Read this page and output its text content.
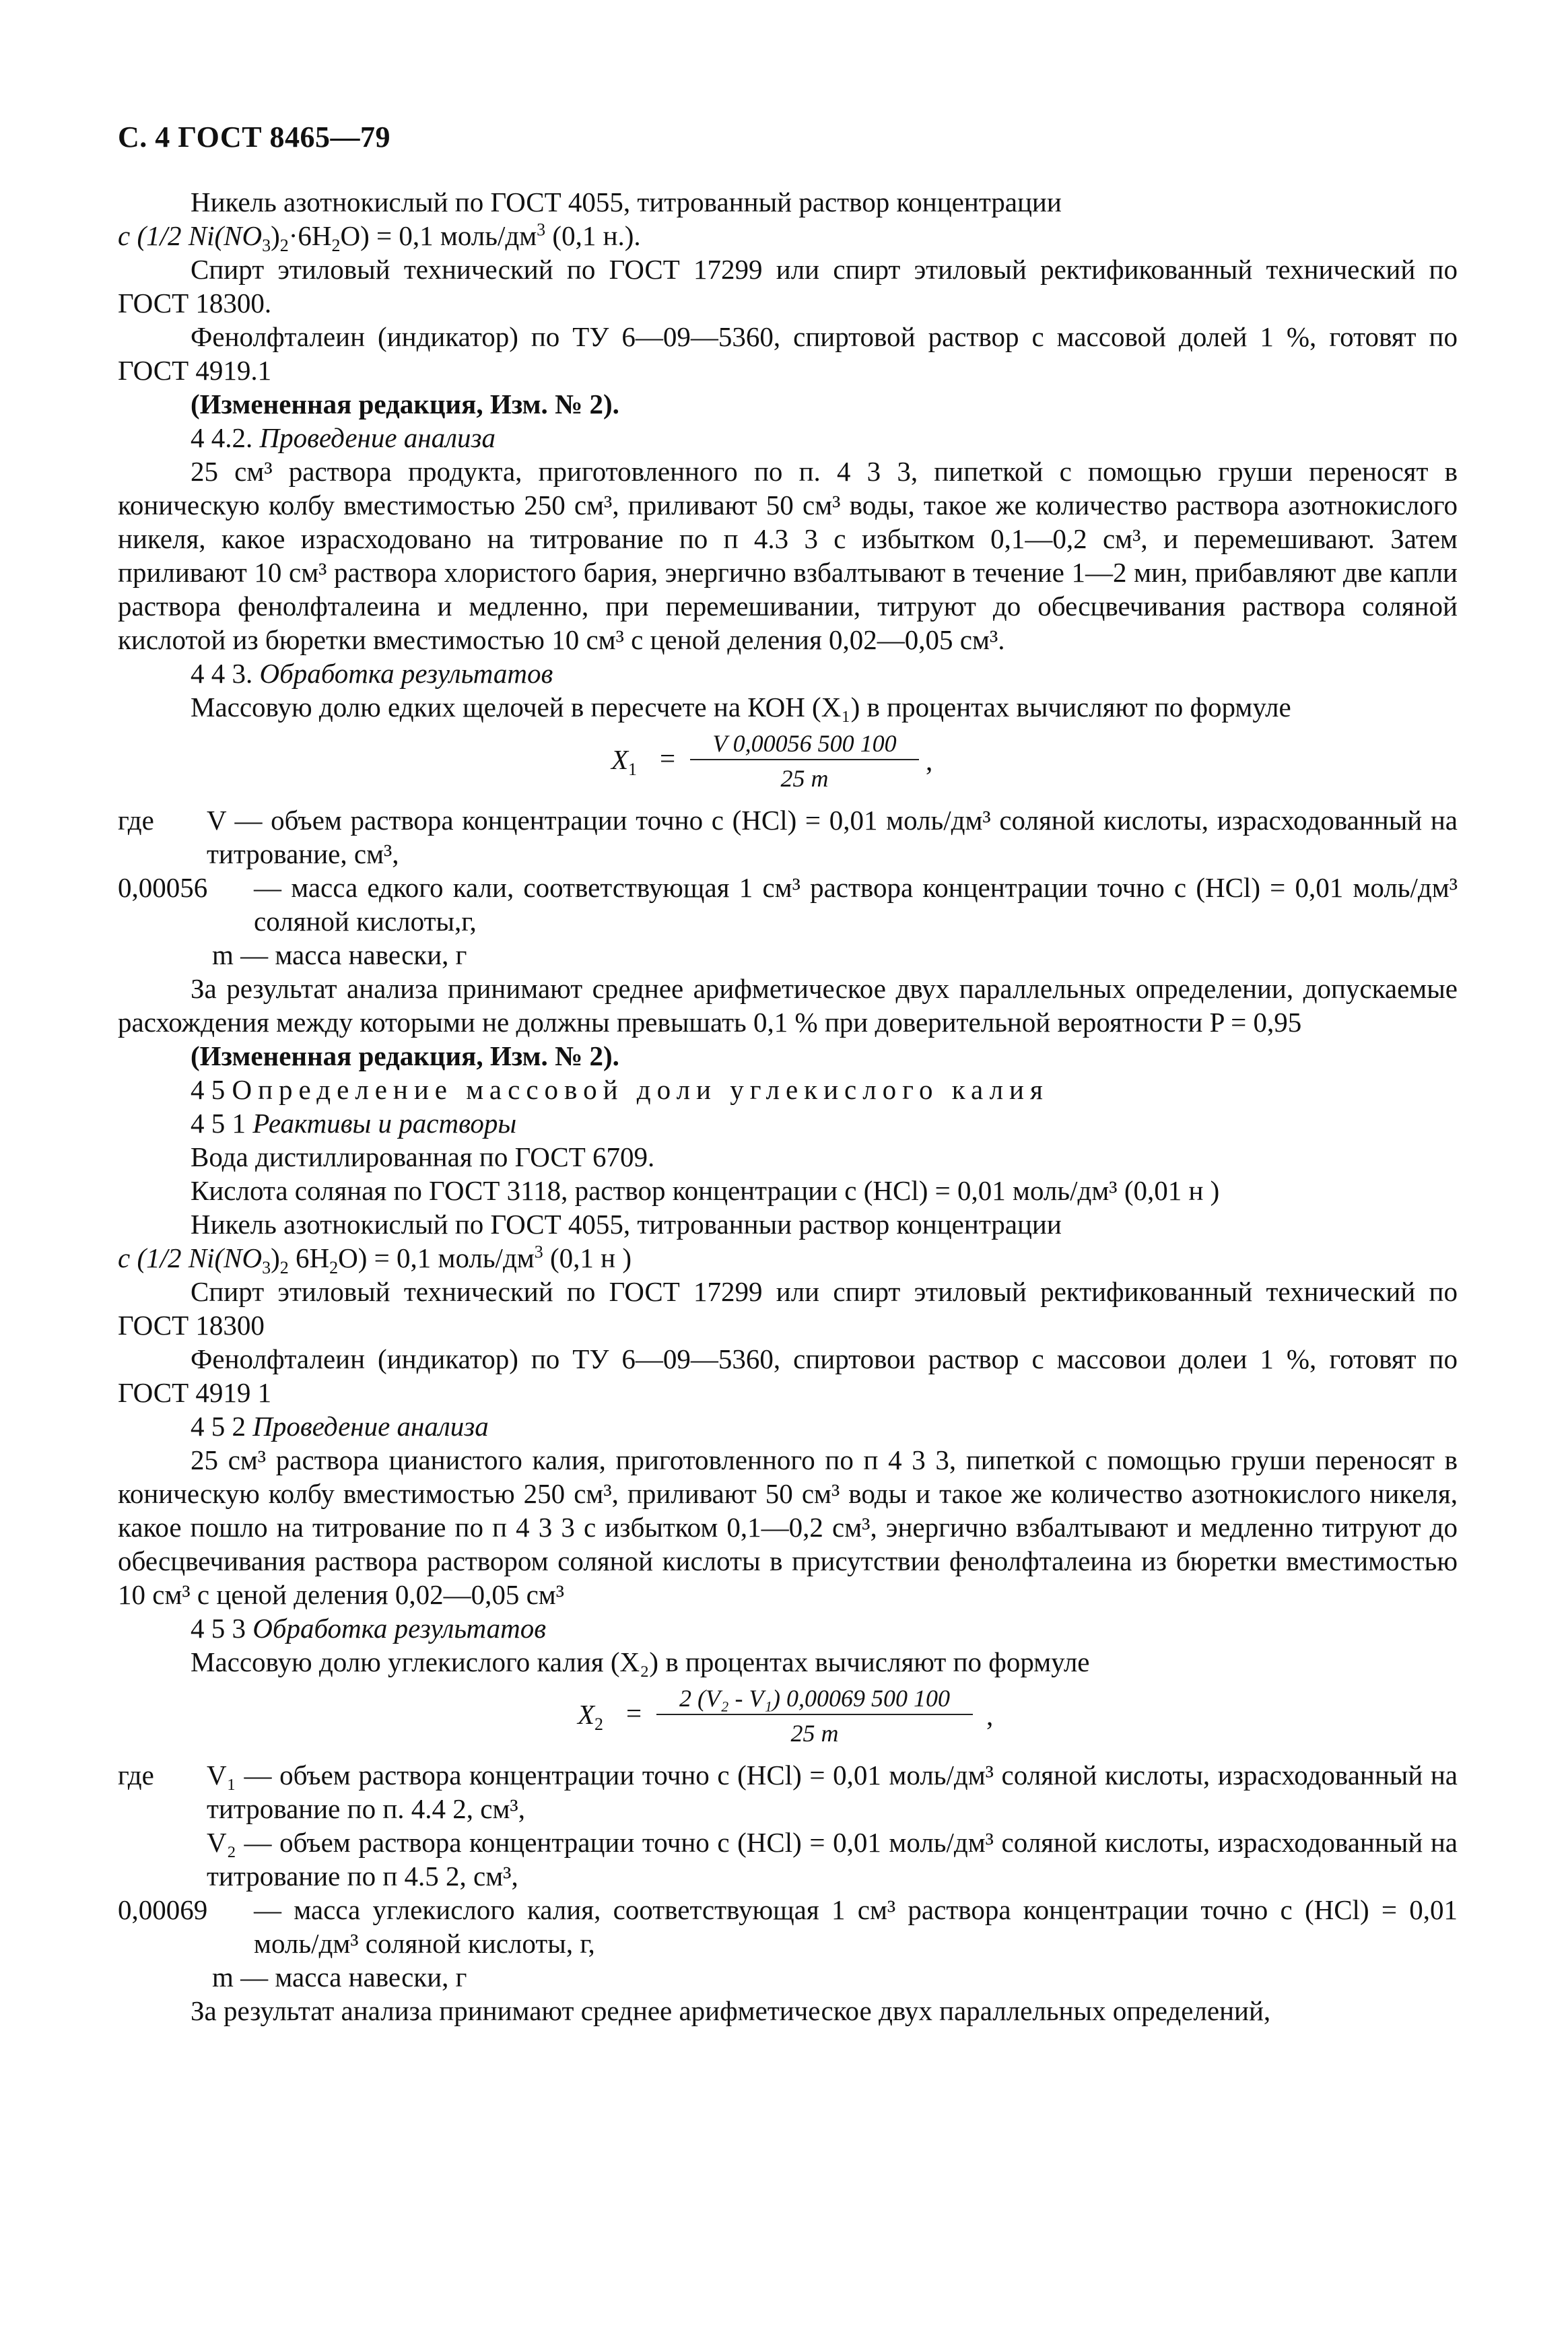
С. 4 ГОСТ 8465—79

Никель азотнокислый по ГОСТ 4055, титрованный раствор концентрации
c (1/2 $Ni(NO_3)_2\cdot 6H_2O) = 0,1$ моль/$дм^3$ (0,1 н.).

Спирт этиловый технический по ГОСТ 17299 или спирт этиловый ректификованный технический по ГОСТ 18300.

Фенолфталеин (индикатор) по ТУ 6—09—5360, спиртовой раствор с массовой долей 1 %, готовят по ГОСТ 4919.1

(Измененная редакция, Изм. № 2).

4 4.2. Проведение анализа

25 см³ раствора продукта, приготовленного по п. 4 3 3, пипеткой с помощью груши переносят в коническую колбу вместимостью 250 см³, приливают 50 см³ воды, такое же количество раствора азотнокислого никеля, какое израсходовано на титрование по п 4.3 3 с избытком 0,1—0,2 см³, и перемешивают. Затем приливают 10 см³ раствора хлористого бария, энергично взбалтывают в течение 1—2 мин, прибавляют две капли раствора фенолфталеина и медленно, при перемешивании, титруют до обесцвечивания раствора соляной кислотой из бюретки вместимостью 10 см³ с ценой деления 0,02—0,05 см³.

4 4 3. Обработка результатов

Массовую долю едких щелочей в пересчете на КОН (X₁) в процентах вычисляют по формуле

$X_1$ =	V 0,00056 500 100
25 m
,
где V — объем раствора концентрации точно c (HCl) = 0,01 моль/дм³ соляной кислоты, израсходованный на титрование, см³,

0,00056 — масса едкого кали, соответствующая 1 см³ раствора концентрации точно c (HCl) = 0,01 моль/дм³ соляной кислоты,г,

m — масса навески, г

За результат анализа принимают среднее арифметическое двух параллельных определении, допускаемые расхождения между которыми не должны превышать 0,1 % при доверительной вероятности P = 0,95

(Измененная редакция, Изм. № 2).

4 5 Определение массовой доли углекислого калия

4 5 1 Реактивы и растворы

Вода дистиллированная по ГОСТ 6709.

Кислота соляная по ГОСТ 3118, раствор концентрации c (HCl) = 0,01 моль/дм³ (0,01 н )

Никель азотнокислый по ГОСТ 4055, титрованныи раствор концентрации
c (1/2 $Ni(NO_3)_2$ $6H_2O) = 0,1$ моль/$дм^3$ (0,1 н )

Спирт этиловый технический по ГОСТ 17299 или спирт этиловый ректификованный технический по ГОСТ 18300

Фенолфталеин (индикатор) по ТУ 6—09—5360, спиртовои раствор с массовои долеи 1 %, готовят по ГОСТ 4919 1

4 5 2 Проведение анализа

25 см³ раствора цианистого калия, приготовленного по п 4 3 3, пипеткой с помощью груши переносят в коническую колбу вместимостью 250 см³, приливают 50 см³ воды и такое же количество азотнокислого никеля, какое пошло на титрование по п 4 3 3 с избытком 0,1—0,2 см³, энергично взбалтывают и медленно титруют до обесцвечивания раствора раствором соляной кислоты в присутствии фенолфталеина из бюретки вместимостью 10 см³ с ценой деления 0,02—0,05 см³

4 5 3 Обработка результатов

Массовую долю углекислого калия (X₂) в процентах вычисляют по формуле

$X_2$ =	2 (V₂ - V₁) 0,00069 500 100
25 m
,
где V₁ — объем раствора концентрации точно c (HCl) = 0,01 моль/дм³ соляной кислоты, израсходованный на титрование по п. 4.4 2, см³,

V₂ — объем раствора концентрации точно c (HCl) = 0,01 моль/дм³ соляной кислоты, израсходованный на титрование по п 4.5 2, см³,

0,00069 — масса углекислого калия, соответствующая 1 см³ раствора концентрации точно c (HCl) = 0,01 моль/дм³ соляной кислоты, г,

m — масса навески, г

За результат анализа принимают среднее арифметическое двух параллельных определений,
